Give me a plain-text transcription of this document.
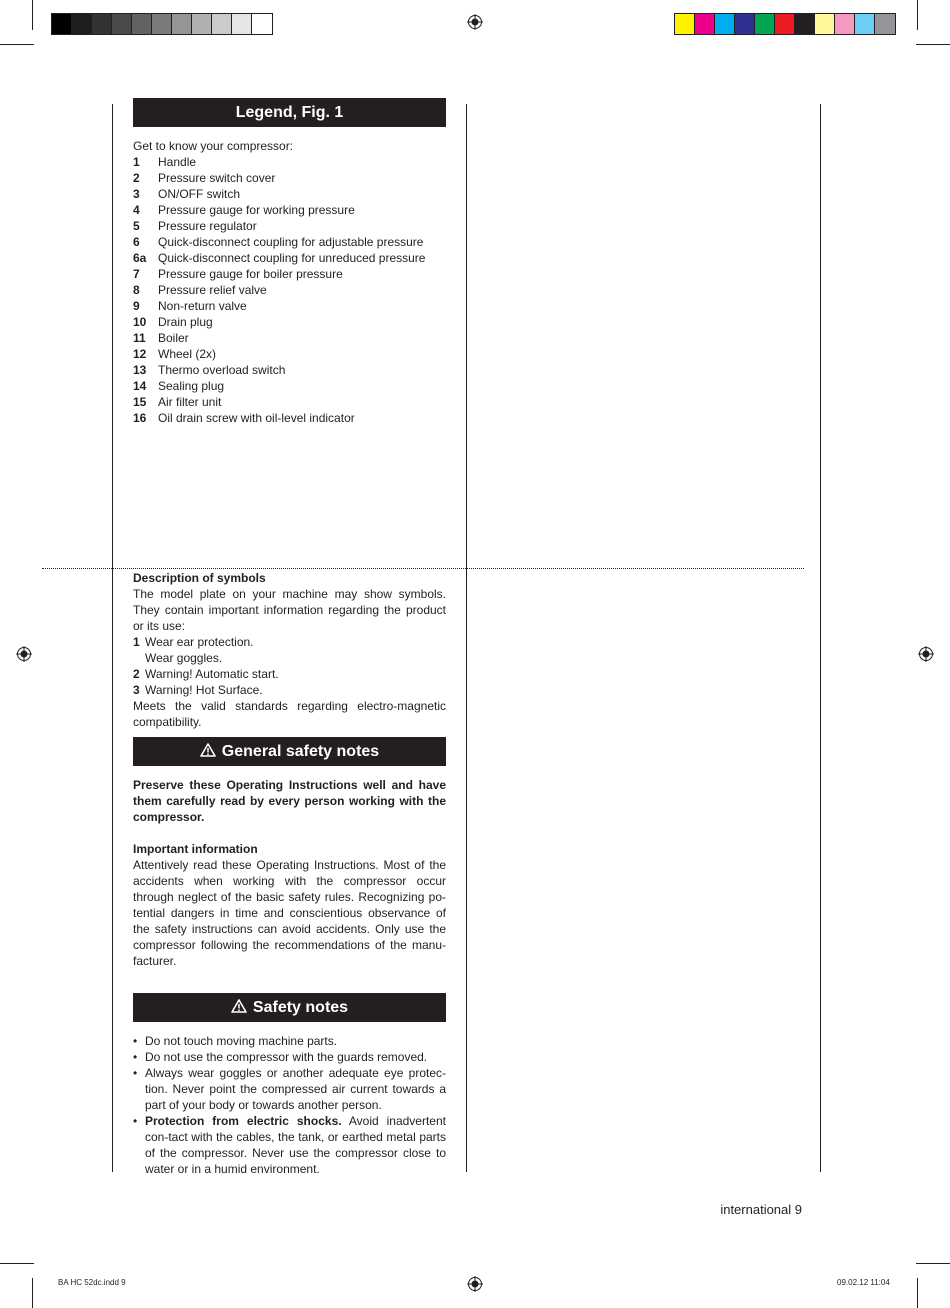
Legend, Fig. 1

Get to know your compressor:

1	Handle
2	Pressure switch cover
3	ON/OFF switch
4	Pressure gauge for working pressure
5	Pressure regulator
6	Quick-disconnect coupling for adjustable pressure
6a Quick-disconnect coupling for unreduced pressure
7	Pressure gauge for boiler pressure
8	Pressure relief valve
9	Non-return valve
10 Drain plug
11	Boiler
12 Wheel (2x)
13 Thermo overload switch
14 Sealing plug
15 Air filter unit
16 Oil drain screw with oil-level indicator

Description of symbols

The model plate on your machine may show symbols. They contain important information regarding the product or its use:

1 Wear ear protection.
Wear goggles.
2 Warning! Automatic start.
3 Warning! Hot Surface.

Meets the valid standards regarding electro-magnetic compatibility.

General safety notes

Preserve these Operating Instructions well and have them carefully read by every person working with the compressor.

Important information

Attentively read these Operating Instructions. Most of the accidents when working with the compressor occur through neglect of the basic safety rules. Recognizing po-tential dangers in time and conscientious observance of the safety instructions can avoid accidents. Only use the compressor following the recommendations of the manu-facturer.

Safety notes
• Do not touch moving machine parts.
• Do not use the compressor with the guards removed.
• Always wear goggles or another adequate eye protec-tion. Never point the compressed air current towards a part of your body or towards another person.
• Protection from electric shocks. Avoid inadvertent con-tact with the cables, the tank, or earthed metal parts of the compressor. Never use the compressor close to water or in a humid environment.
international 9
BA HC 52dc.indd 9	09.02.12 11:04
